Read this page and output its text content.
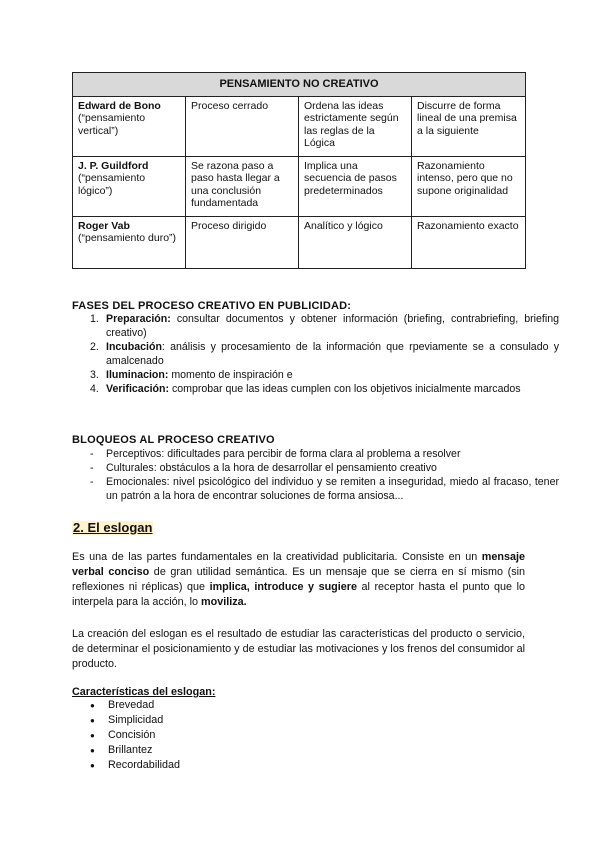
PENSAMIENTO NO CREATIVO			
Edward de Bono
(“pensamiento vertical”)	Proceso cerrado	Ordena las ideas estrictamente según las reglas de la Lógica	Discurre de forma lineal de una premisa a la siguiente
J. P. Guildford
(“pensamiento lógico”)	Se razona paso a paso hasta llegar a una conclusión fundamentada	Implica una secuencia de pasos predeterminados	Razonamiento intenso, pero que no supone originalidad
Roger Vab
(“pensamiento duro”)	Proceso dirigido	Analítico y lógico	Razonamiento exacto
FASES DEL PROCESO CREATIVO EN PUBLICIDAD:
Preparación: consultar documentos y obtener información (briefing, contrabriefing, briefing creativo)
Incubación: análisis y procesamiento de la información que rpeviamente se a consulado y amalcenado
Iluminacion: momento de inspiración e
Verificación: comprobar que las ideas cumplen con los objetivos inicialmente marcados
BLOQUEOS AL PROCESO CREATIVO
- Perceptivos: dificultades para percibir de forma clara al problema a resolver
- Culturales: obstáculos a la hora de desarrollar el pensamiento creativo
- Emocionales: nivel psicológico del individuo y se remiten a inseguridad, miedo al fracaso, tener un patrón a la hora de encontrar soluciones de forma ansiosa...
2. El eslogan

Es una de las partes fundamentales en la creatividad publicitaria. Consiste en un mensaje verbal conciso de gran utilidad semántica. Es un mensaje que se cierra en sí mismo (sin reflexiones ni réplicas) que implica, introduce y sugiere al receptor hasta el punto que lo interpela para la acción, lo moviliza.

La creación del eslogan es el resultado de estudiar las características del producto o servicio, de determinar el posicionamiento y de estudiar las motivaciones y los frenos del consumidor al producto.

Características del eslogan:
● Brevedad
● Simplicidad
● Concisión
● Brillantez
● Recordabilidad
